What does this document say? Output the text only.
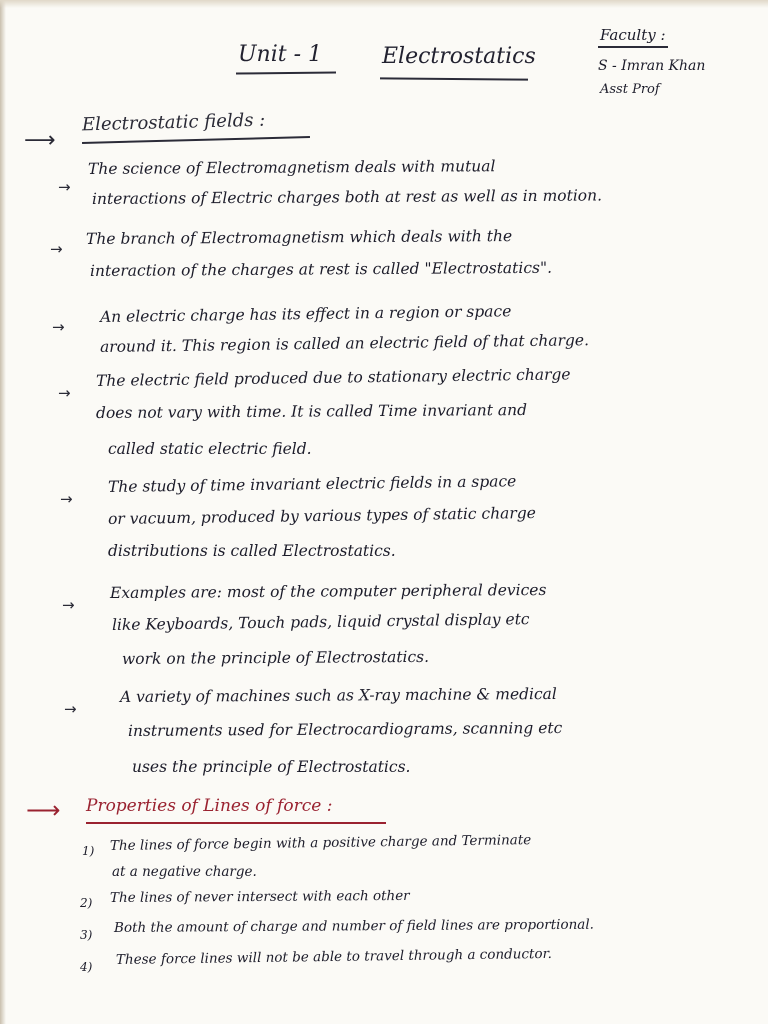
Unit - 1	Electrostatics
Faculty :
S - Imran Khan
Asst Prof
⟶
Electrostatic fields :
→
The science of Electromagnetism deals with mutual
interactions of Electric charges both at rest as well as in motion.
→
The branch of Electromagnetism which deals with the
interaction of the charges at rest is called "Electrostatics".
→
An electric charge has its effect in a region or space
around it. This region is called an electric field of that charge.
→
The electric field produced due to stationary electric charge
does not vary with time. It is called Time invariant and
called static electric field.
→
The study of time invariant electric fields in a space
or vacuum, produced by various types of static charge
distributions is called Electrostatics.
→
Examples are: most of the computer peripheral devices
like Keyboards, Touch pads, liquid crystal display etc
work on the principle of Electrostatics.
→
A variety of machines such as X-ray machine & medical
instruments used for Electrocardiograms, scanning etc
uses the principle of Electrostatics.
⟶ Properties of Lines of force :
1) The lines of force begin with a positive charge and Terminate
at a negative charge.
2) The lines of never intersect with each other
3) Both the amount of charge and number of field lines are proportional.
4) These force lines will not be able to travel through a conductor.
